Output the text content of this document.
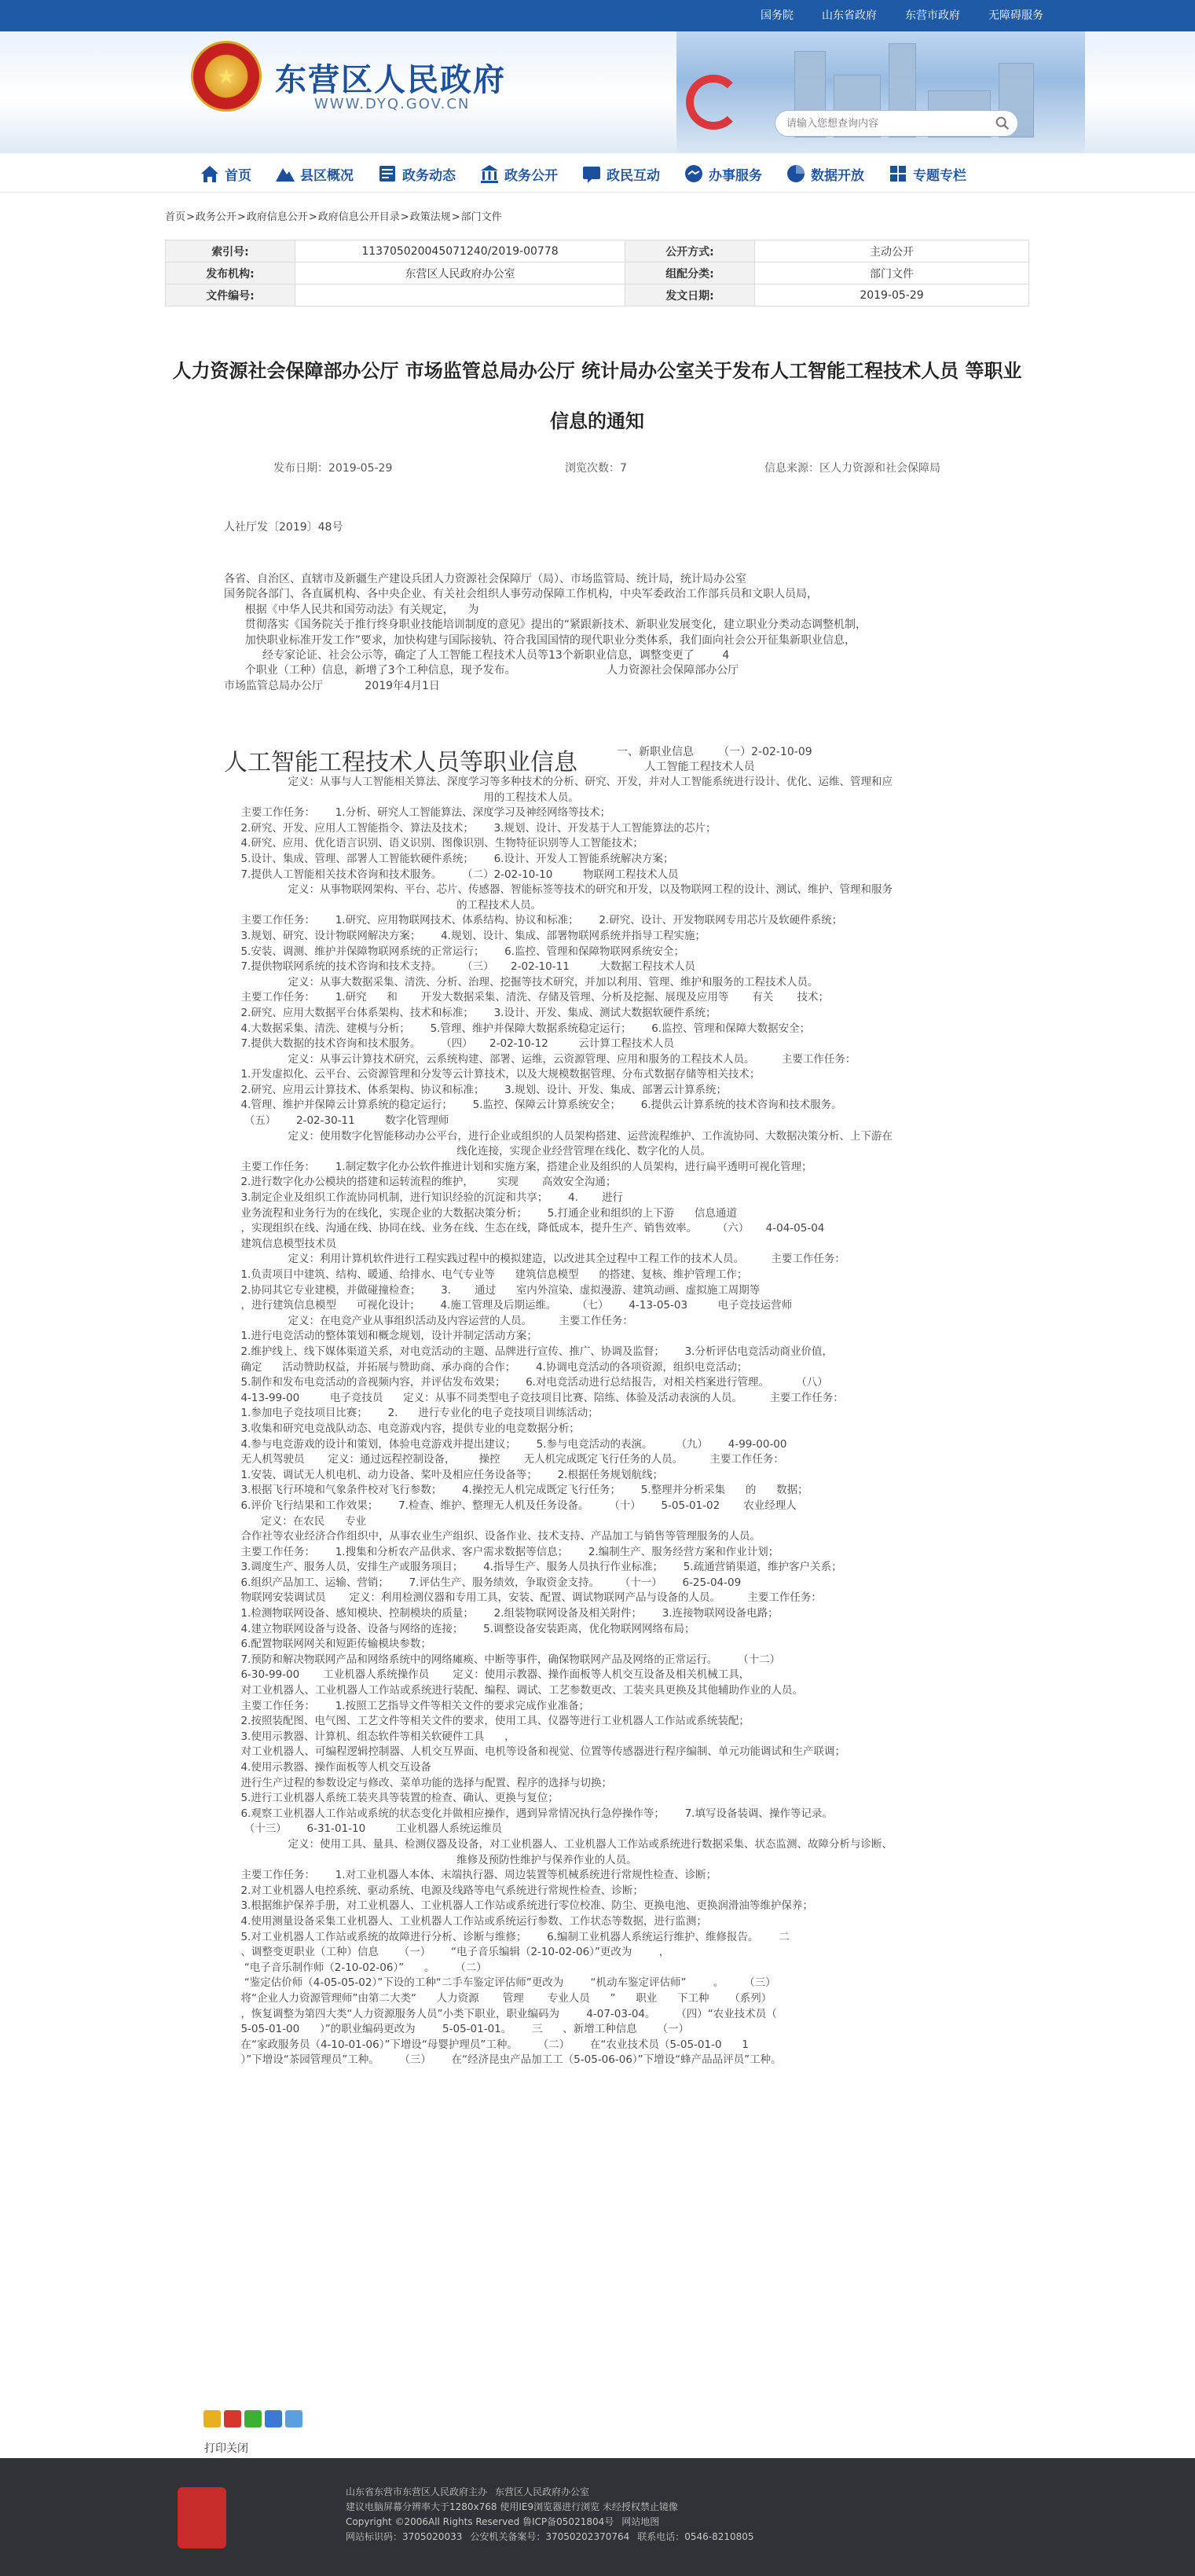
国务院	山东省政府	东营市政府	无障碍服务
★	东营区人民政府
WWW.DYQ.GOV.CN
请输入您想查询内容
首页	县区概况	政务动态	政务公开	政民互动	办事服务	数据开放	专题专栏
首页>政务公开>政府信息公开>政府信息公开目录>政策法规>部门文件
索引号:	11370502004507124​0/2019-00778	公开方式:	主动公开
发布机构:	东营区人民政府办公室	组配分类:	部门文件
文件编号:		发文日期:	2019-05-29
人力资源社会保障部办公厅 市场监管总局办公厅 统计局办公室关于发布人工智能工程技术人员 等职业
信息的通知
发布日期：2019-05-29	浏览次数：7	信息来源：区人力资源和社会保障局
人社厅发〔2019〕48号
各省、自治区、直辖市及新疆生产建设兵团人力资源社会保障厅（局）、市场监管局、统计局，统计局办公室
国务院各部门、各直属机构、各中央企业、有关社会组织人事劳动保障工作机构，中央军委政治工作部兵员和文职人员局，
根据《中华人民共和国劳动法》有关规定，    为
贯彻落实《国务院关于推行终身职业技能培训制度的意见》提出的“紧跟新技术、新职业发展变化，建立职业分类动态调整机制，
加快职业标准开发工作”要求，加快构建与国际接轨、符合我国国情的现代职业分类体系，我们面向社会公开征集新职业信息，
经专家论证、社会公示等，确定了人工智能工程技术人员等13个新职业信息，调整变更了        4
个职业（工种）信息，新增了3个工种信息，现予发布。                          人力资源社会保障部办公厅
市场监管总局办公厅            2019年4月1日
人工智能工程技术人员等职业信息	一、新职业信息       （一）2-02-10-09
人工智能工程技术人员
定义：从事与人工智能相关算法、深度学习等多种技术的分析、研究、开发，并对人工智能系统进行设计、优化、运维、管理和应
用的工程技术人员。
主要工作任务：      1.分析、研究人工智能算法、深度学习及神经网络等技术；
2.研究、开发、应用人工智能指令、算法及技术；      3.规划、设计、开发基于人工智能算法的芯片；
4.研究、应用、优化语言识别、语义识别、图像识别、生物特征识别等人工智能技术；
5.设计、集成、管理、部署人工智能软硬件系统；      6.设计、开发人工智能系统解决方案；
7.提供人工智能相关技术咨询和技术服务。      （二）2-02-10-10         物联网工程技术人员
定义：从事物联网架构、平台、芯片、传感器、智能标签等技术的研究和开发，以及物联网工程的设计、测试、维护、管理和服务
的工程技术人员。
主要工作任务：      1.研究、应用物联网技术、体系结构、协议和标准；      2.研究、设计、开发物联网专用芯片及软硬件系统；
3.规划、研究、设计物联网解决方案；      4.规划、设计、集成、部署物联网系统并指导工程实施；
5.安装、调测、维护并保障物联网系统的正常运行；      6.监控、管理和保障物联网系统安全；
7.提供物联网系统的技术咨询和技术支持。      （三）     2-02-10-11         大数据工程技术人员
定义：从事大数据采集、清洗、分析、治理、挖掘等技术研究，并加以利用、管理、维护和服务的工程技术人员。
主要工作任务：      1.研究      和       开发大数据采集、清洗、存储及管理、分析及挖掘、展现及应用等       有关       技术；
2.研究、应用大数据平台体系架构、技术和标准；      3.设计、开发、集成、测试大数据软硬件系统；
4.大数据采集、清洗、建模与分析；      5.管理、维护并保障大数据系统稳定运行；      6.监控、管理和保障大数据安全；
7.提供大数据的技术咨询和技术服务。      （四）     2-02-10-12         云计算工程技术人员
定义：从事云计算技术研究，云系统构建、部署、运维，云资源管理、应用和服务的工程技术人员。        主要工作任务：
1.开发虚拟化、云平台、云资源管理和分发等云计算技术，以及大规模数据管理、分布式数据存储等相关技术；
2.研究、应用云计算技术、体系架构、协议和标准；      3.规划、设计、开发、集成、部署云计算系统；
4.管理、维护并保障云计算系统的稳定运行；      5.监控、保障云计算系统安全；      6.提供云计算系统的技术咨询和技术服务。
（五）      2-02-30-11         数字化管理师
定义：使用数字化智能移动办公平台，进行企业或组织的人员架构搭建、运营流程维护、工作流协同、大数据决策分析、上下游在
线化连接，实现企业经营管理在线化、数字化的人员。
主要工作任务：      1.制定数字化办公软件推进计划和实施方案，搭建企业及组织的人员架构，进行扁平透明可视化管理；
2.进行数字化办公模块的搭建和运转流程的维护，       实现       高效安全沟通；
3.制定企业及组织工作流协同机制，进行知识经验的沉淀和共享；      4.       进行
业务流程和业务行为的在线化，实现企业的大数据决策分析；      5.打通企业和组织的上下游      信息通道
，实现组织在线、沟通在线、协同在线、业务在线、生态在线，降低成本，提升生产、销售效率。      （六）     4-04-05-04
建筑信息模型技术员
定义：利用计算机软件进行工程实践过程中的模拟建造，以改进其全过程中工程工作的技术人员。        主要工作任务：
1.负责项目中建筑、结构、暖通、给排水、电气专业等      建筑信息模型      的搭建、复核、维护管理工作；
2.协同其它专业建模，并做碰撞检查；      3.       通过      室内外渲染、虚拟漫游、建筑动画、虚拟施工周期等
，进行建筑信息模型      可视化设计；      4.施工管理及后期运维。      （七）      4-13-05-03         电子竞技运营师
定义：在电竞产业从事组织活动及内容运营的人员。        主要工作任务：
1.进行电竞活动的整体策划和概念规划，设计并制定活动方案；
2.维护线上、线下媒体渠道关系，对电竞活动的主题、品牌进行宣传、推广、协调及监督；      3.分析评估电竞活动商业价值，
确定      活动赞助权益，并拓展与赞助商、承办商的合作；      4.协调电竞活动的各项资源，组织电竞活动；
5.制作和发布电竞活动的音视频内容，并评估发布效果；      6.对电竞活动进行总结报告，对相关档案进行管理。        （八）
4-13-99-00         电子竞技员      定义：从事不同类型电子竞技项目比赛、陪练、体验及活动表演的人员。        主要工作任务：
1.参加电子竞技项目比赛；      2.      进行专业化的电子竞技项目训练活动；
3.收集和研究电竞战队动态、电竞游戏内容，提供专业的电竞数据分析；
4.参与电竞游戏的设计和策划，体验电竞游戏并提出建议；      5.参与电竞活动的表演。       （九）      4-99-00-00
无人机驾驶员       定义：通过远程控制设备，       操控       无人机完成既定飞行任务的人员。        主要工作任务：
1.安装、调试无人机电机、动力设备、桨叶及相应任务设备等；      2.根据任务规划航线；
3.根据飞行环境和气象条件校对飞行参数；      4.操控无人机完成既定飞行任务；      5.整理并分析采集      的      数据；
6.评价飞行结果和工作效果；      7.检查、维护、整理无人机及任务设备。      （十）      5-05-01-02       农业经理人
定义：在农民      专业
合作社等农业经济合作组织中，从事农业生产组织、设备作业、技术支持、产品加工与销售等管理服务的人员。
主要工作任务：      1.搜集和分析农产品供求、客户需求数据等信息；      2.编制生产、服务经营方案和作业计划；
3.调度生产、服务人员，安排生产或服务项目；      4.指导生产、服务人员执行作业标准；      5.疏通营销渠道，维护客户关系；
6.组织产品加工、运输、营销；      7.评估生产、服务绩效，争取资金支持。      （十一）      6-25-04-09
物联网安装调试员       定义：利用检测仪器和专用工具，安装、配置、调试物联网产品与设备的人员。        主要工作任务：
1.检测物联网设备、感知模块、控制模块的质量；      2.组装物联网设备及相关附件；      3.连接物联网设备电路；
4.建立物联网设备与设备、设备与网络的连接；      5.调整设备安装距离，优化物联网网络布局；
6.配置物联网网关和短距传输模块参数；
7.预防和解决物联网产品和网络系统中的网络瘫痪、中断等事件，确保物联网产品及网络的正常运行。      （十二）
6-30-99-00       工业机器人系统操作员       定义：使用示教器、操作面板等人机交互设备及相关机械工具，
对工业机器人、工业机器人工作站或系统进行装配、编程、调试、工艺参数更改、工装夹具更换及其他辅助作业的人员。
主要工作任务：      1.按照工艺指导文件等相关文件的要求完成作业准备；
2.按照装配图、电气图、工艺文件等相关文件的要求，使用工具、仪器等进行工业机器人工作站或系统装配；
3.使用示教器、计算机、组态软件等相关软硬件工具      ，
对工业机器人、可编程逻辑控制器、人机交互界面、电机等设备和视觉、位置等传感器进行程序编制、单元功能调试和生产联调；
4.使用示教器、操作面板等人机交互设备
进行生产过程的参数设定与修改、菜单功能的选择与配置、程序的选择与切换；
5.进行工业机器人系统工装夹具等装置的检查、确认、更换与复位；
6.观察工业机器人工作站或系统的状态变化并做相应操作，遇到异常情况执行急停操作等；      7.填写设备装调、操作等记录。
（十三）      6-31-01-10         工业机器人系统运维员
定义：使用工具、量具、检测仪器及设备，对工业机器人、工业机器人工作站或系统进行数据采集、状态监测、故障分析与诊断、
维修及预防性维护与保养作业的人员。
主要工作任务：      1.对工业机器人本体、末端执行器、周边装置等机械系统进行常规性检查、诊断；
2.对工业机器人电控系统、驱动系统、电源及线路等电气系统进行常规性检查、诊断；
3.根据维护保养手册，对工业机器人、工业机器人工作站或系统进行零位校准、防尘、更换电池、更换润滑油等维护保养；
4.使用测量设备采集工业机器人、工业机器人工作站或系统运行参数、工作状态等数据，进行监测；
5.对工业机器人工作站或系统的故障进行分析、诊断与维修；      6.编制工业机器人系统运行维护、维修报告。      二
、调整变更职业（工种）信息      （一）      “电子音乐编辑（2-10-02-06）”更改为        ，
“电子音乐制作师（2-10-02-06）”      。      （二）
“鉴定估价师（4-05-05-02）”下设的工种“二手车鉴定评估师”更改为        “机动车鉴定评估师”        。      （三）
将“企业人力资源管理师”由第二大类“      人力资源       管理       专业人员      ”      职业      下工种      （系列）
，恢复调整为第四大类“人力资源服务人员”小类下职业，职业编码为        4-07-03-04。      （四）“农业技术员（
5-05-01-00      ）”的职业编码更改为        5-05-01-01。      三      、新增工种信息      （一）
在“家政服务员（4-10-01-06）”下增设“母婴护理员”工种。      （二）      在“农业技术员（5-05-01-0      1
）”下增设“茶园管理员”工种。      （三）      在“经济昆虫产品加工工（5-05-06-06）”下增设“蜂产品品评员”工种。
打印关闭
山东省东营市东营区人民政府主办 东营区人民政府办公室
建议电脑屏幕分辨率大于1280x768 使用IE9浏览器进行浏览 未经授权禁止镜像
Copyright ©2006All Rights Reserved 鲁ICP备05021804号 网站地图
网站标识码：3705020033 公安机关备案号：37050202370764 联系电话：0546-8210805
